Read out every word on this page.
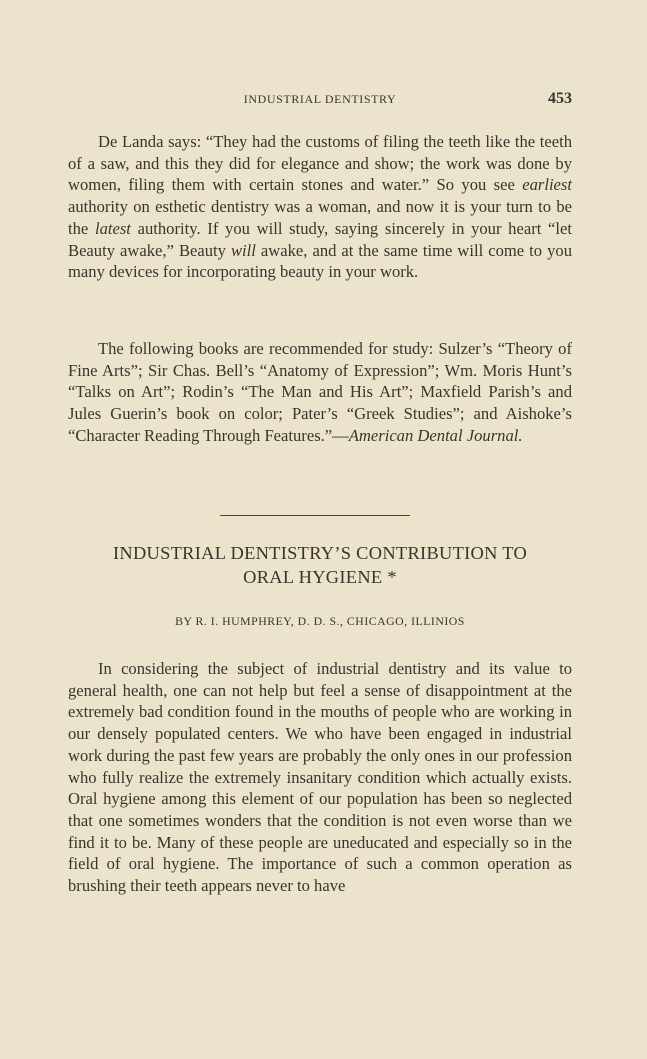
INDUSTRIAL DENTISTRY	453

De Landa says: “They had the customs of filing the teeth like the teeth of a saw, and this they did for elegance and show; the work was done by women, filing them with certain stones and water.” So you see earliest authority on esthetic dentistry was a woman, and now it is your turn to be the latest authority. If you will study, saying sincerely in your heart “let Beauty awake,” Beauty will awake, and at the same time will come to you many devices for incorporating beauty in your work.

The following books are recommended for study: Sulzer’s “Theory of Fine Arts”; Sir Chas. Bell’s “Anatomy of Expression”; Wm. Moris Hunt’s “Talks on Art”; Rodin’s “The Man and His Art”; Maxfield Parish’s and Jules Guerin’s book on color; Pater’s “Greek Studies”; and Aishoke’s “Character Reading Through Features.”—American Dental Journal.

INDUSTRIAL DENTISTRY’S CONTRIBUTION TO
ORAL HYGIENE *
BY R. I. HUMPHREY, D. D. S., CHICAGO, ILLINIOS

In considering the subject of industrial dentistry and its value to general health, one can not help but feel a sense of disappointment at the extremely bad condition found in the mouths of people who are working in our densely populated centers. We who have been engaged in industrial work during the past few years are probably the only ones in our profession who fully realize the extremely insanitary condition which actually exists. Oral hygiene among this element of our population has been so neglected that one sometimes wonders that the condition is not even worse than we find it to be. Many of these people are uneducated and especially so in the field of oral hygiene. The importance of such a common operation as brushing their teeth appears never to have
